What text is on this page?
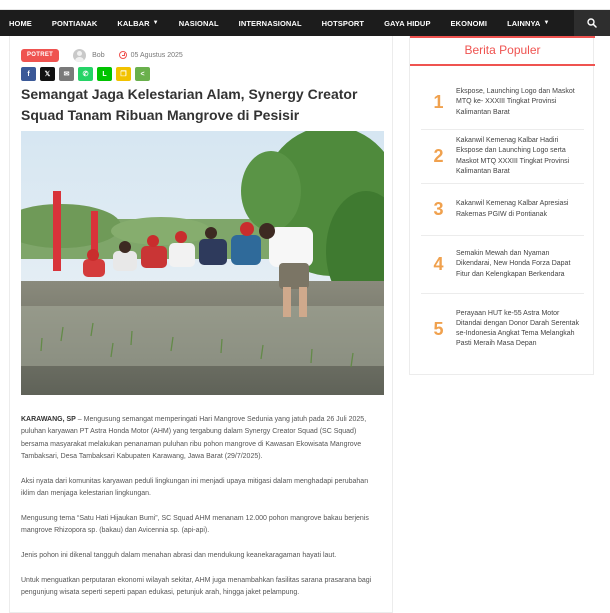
HOME	PONTIANAK	KALBAR ▼	NASIONAL	INTERNASIONAL	HOTSPORT	GAYA HIDUP	EKONOMI	LAINNYA ▼
POTRET	Bob	05 Agustus 2025
f 𝕏 ✉ ✆ L ❐ <
Semangat Jaga Kelestarian Alam, Synergy Creator Squad Tanam Ribuan Mangrove di Pesisir

KARAWANG, SP – Mengusung semangat memperingati Hari Mangrove Sedunia yang jatuh pada 26 Juli 2025, puluhan karyawan PT Astra Honda Motor (AHM) yang tergabung dalam Synergy Creator Squad (SC Squad) bersama masyarakat melakukan penanaman puluhan ribu pohon mangrove di Kawasan Ekowisata Mangrove Tambaksari, Desa Tambaksari Kabupaten Karawang, Jawa Barat (29/7/2025).

Aksi nyata dari komunitas karyawan peduli lingkungan ini menjadi upaya mitigasi dalam menghadapi perubahan iklim dan menjaga kelestarian lingkungan.

Mengusung tema “Satu Hati Hijaukan Bumi”, SC Squad AHM menanam 12.000 pohon mangrove bakau berjenis mangrove Rhizopora sp. (bakau) dan Avicennia sp. (api-api).

Jenis pohon ini dikenal tangguh dalam menahan abrasi dan mendukung keanekaragaman hayati laut.

Untuk menguatkan perputaran ekonomi wilayah sekitar, AHM juga menambahkan fasilitas sarana prasarana bagi pengunjung wisata seperti seperti papan edukasi, petunjuk arah, hingga jaket pelampung.

Berita Populer
1
Ekspose, Launching Logo dan Maskot MTQ ke- XXXIII Tingkat Provinsi Kalimantan Barat
2
Kakanwil Kemenag Kalbar Hadiri Ekspose dan Launching Logo serta Maskot MTQ XXXIII Tingkat Provinsi Kalimantan Barat
3	Kakanwil Kemenag Kalbar Apresiasi Rakernas PGIW di Pontianak
4
Semakin Mewah dan Nyaman Dikendarai, New Honda Forza Dapat Fitur dan Kelengkapan Berkendara
5
Perayaan HUT ke-55 Astra Motor Ditandai dengan Donor Darah Serentak se-Indonesia Angkat Tema Melangkah Pasti Meraih Masa Depan
